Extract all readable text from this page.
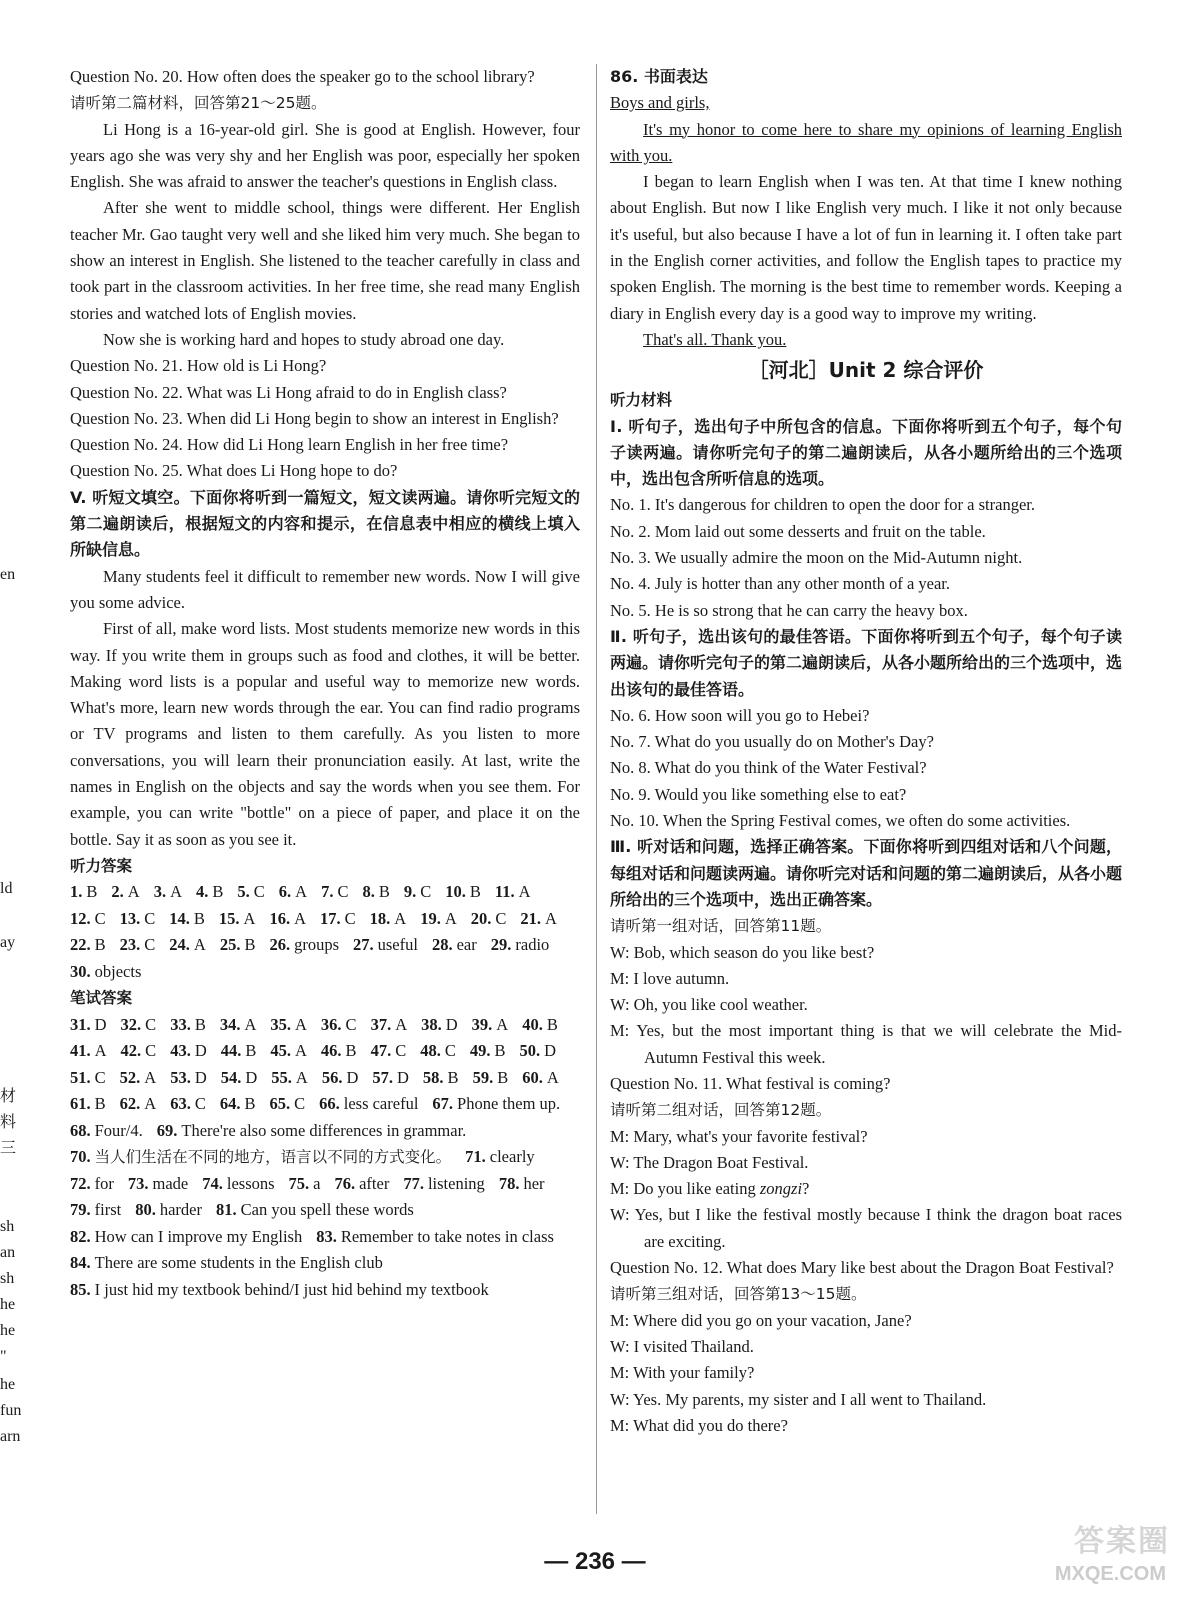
en
ld
ay
材
料
三
sh
an
sh
he
he
"
he
fun
arn

Question No. 20. How often does the speaker go to the school library?

请听第二篇材料，回答第21～25题。

Li Hong is a 16-year-old girl. She is good at English. However, four years ago she was very shy and her English was poor, especially her spoken English. She was afraid to answer the teacher's questions in English class.

After she went to middle school, things were different. Her English teacher Mr. Gao taught very well and she liked him very much. She began to show an interest in English. She listened to the teacher carefully in class and took part in the classroom activities. In her free time, she read many English stories and watched lots of English movies.

Now she is working hard and hopes to study abroad one day.

Question No. 21. How old is Li Hong?

Question No. 22. What was Li Hong afraid to do in English class?

Question No. 23. When did Li Hong begin to show an interest in English?

Question No. 24. How did Li Hong learn English in her free time?

Question No. 25. What does Li Hong hope to do?

V. 听短文填空。下面你将听到一篇短文，短文读两遍。请你听完短文的第二遍朗读后，根据短文的内容和提示，在信息表中相应的横线上填入所缺信息。

Many students feel it difficult to remember new words. Now I will give you some advice.

First of all, make word lists. Most students memorize new words in this way. If you write them in groups such as food and clothes, it will be better. Making word lists is a popular and useful way to memorize new words. What's more, learn new words through the ear. You can find radio programs or TV programs and listen to them carefully. As you listen to more conversations, you will learn their pronunciation easily. At last, write the names in English on the objects and say the words when you see them. For example, you can write "bottle" on a piece of paper, and place it on the bottle. Say it as soon as you see it.

听力答案
1. B 2. A 3. A 4. B 5. C 6. A 7. C 8. B 9. C 10. B 11. A12. C 13. C 14. B 15. A 16. A 17. C 18. A 19. A 20. C 21. A22. B 23. C 24. A 25. B 26. groups 27. useful 28. ear 29. radio30. objects
笔试答案
31. D 32. C 33. B 34. A 35. A 36. C 37. A 38. D 39. A 40. B41. A 42. C 43. D 44. B 45. A 46. B 47. C 48. C 49. B 50. D51. C 52. A 53. D 54. D 55. A 56. D 57. D 58. B 59. B 60. A61. B 62. A 63. C 64. B 65. C 66. less careful 67. Phone them up.68. Four/4. 69. There're also some differences in grammar.70. 当人们生活在不同的地方，语言以不同的方式变化。 71. clearly72. for 73. made 74. lessons 75. a 76. after 77. listening 78. her79. first 80. harder 81. Can you spell these words82. How can I improve my English 83. Remember to take notes in class84. There are some students in the English club85. I just hid my textbook behind/I just hid behind my textbook

86. 书面表达

Boys and girls,

It's my honor to come here to share my opinions of learning English with you.

I began to learn English when I was ten. At that time I knew nothing about English. But now I like English very much. I like it not only because it's useful, but also because I have a lot of fun in learning it. I often take part in the English corner activities, and follow the English tapes to practice my spoken English. The morning is the best time to remember words. Keeping a diary in English every day is a good way to improve my writing.

That's all. Thank you.

［河北］Unit 2 综合评价
听力材料

Ⅰ. 听句子，选出句子中所包含的信息。下面你将听到五个句子，每个句子读两遍。请你听完句子的第二遍朗读后，从各小题所给出的三个选项中，选出包含所听信息的选项。

No. 1. It's dangerous for children to open the door for a stranger.

No. 2. Mom laid out some desserts and fruit on the table.

No. 3. We usually admire the moon on the Mid-Autumn night.

No. 4. July is hotter than any other month of a year.

No. 5. He is so strong that he can carry the heavy box.

Ⅱ. 听句子，选出该句的最佳答语。下面你将听到五个句子，每个句子读两遍。请你听完句子的第二遍朗读后，从各小题所给出的三个选项中，选出该句的最佳答语。

No. 6. How soon will you go to Hebei?

No. 7. What do you usually do on Mother's Day?

No. 8. What do you think of the Water Festival?

No. 9. Would you like something else to eat?

No. 10. When the Spring Festival comes, we often do some activities.

Ⅲ. 听对话和问题，选择正确答案。下面你将听到四组对话和八个问题，每组对话和问题读两遍。请你听完对话和问题的第二遍朗读后，从各小题所给出的三个选项中，选出正确答案。

请听第一组对话，回答第11题。

W: Bob, which season do you like best?

M: I love autumn.

W: Oh, you like cool weather.

M: Yes, but the most important thing is that we will celebrate the Mid-Autumn Festival this week.

Question No. 11. What festival is coming?

请听第二组对话，回答第12题。

M: Mary, what's your favorite festival?

W: The Dragon Boat Festival.

M: Do you like eating zongzi?

W: Yes, but I like the festival mostly because I think the dragon boat races are exciting.

Question No. 12. What does Mary like best about the Dragon Boat Festival?

请听第三组对话，回答第13～15题。

M: Where did you go on your vacation, Jane?

W: I visited Thailand.

M: With your family?

W: Yes. My parents, my sister and I all went to Thailand.

M: What did you do there?

— 236 —
答案圈
MXQE.COM
